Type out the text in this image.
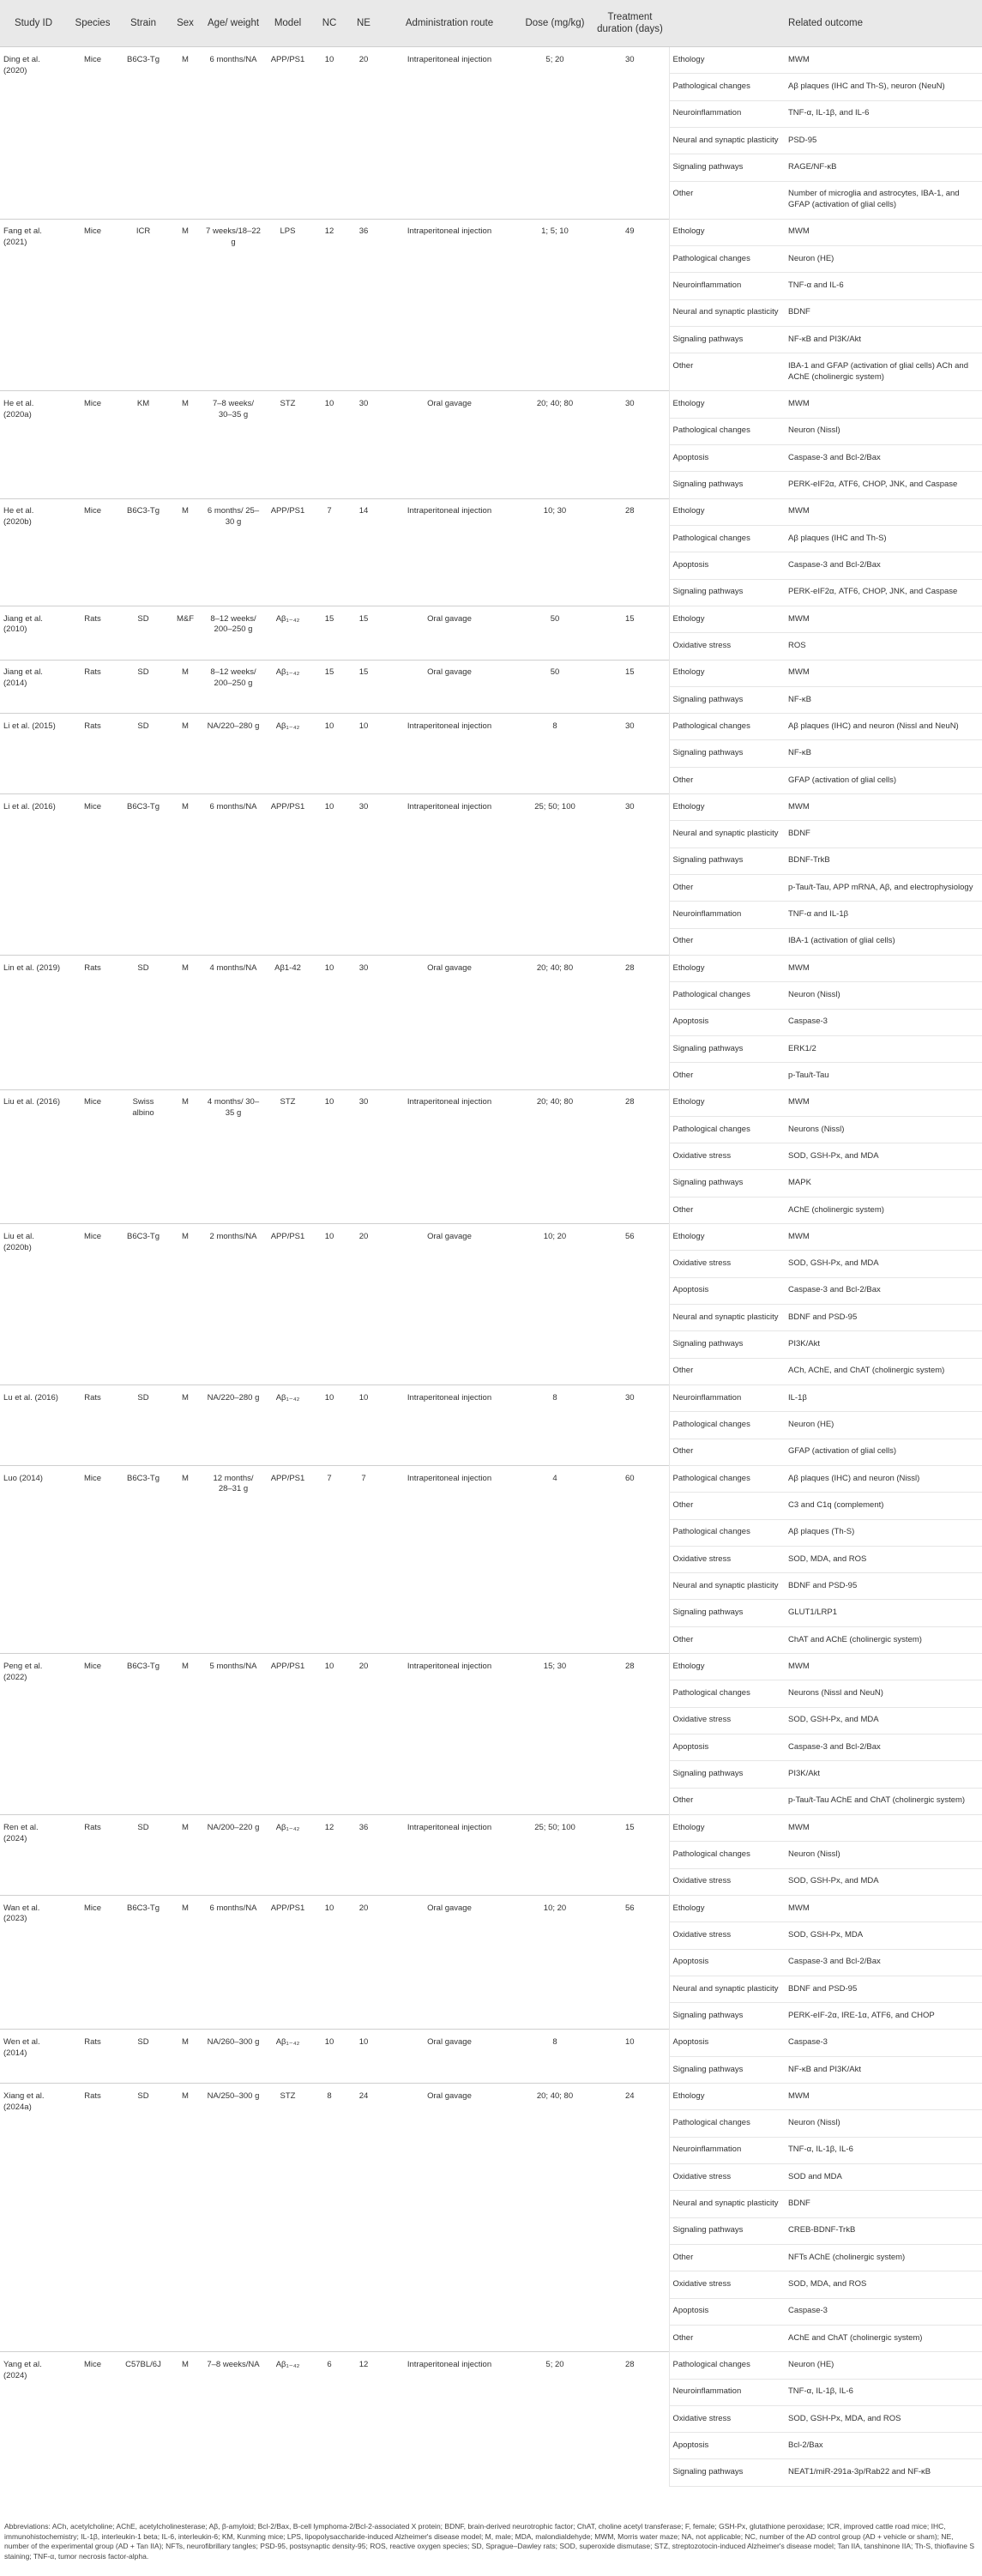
Study ID	Species	Strain	Sex	Age/ weight	Model	NC	NE	Administration route	Dose (mg/kg)	Treatment duration (days)	Related outcome	
Ding et al. (2020)	Mice	B6C3-Tg	M	6 months/NA	APP/PS1	10	20	Intraperitoneal injection	5; 20	30	Ethology	MWM
											Pathological changes	Aβ plaques (IHC and Th-S), neuron (NeuN)
											Neuroinflammation	TNF-α, IL-1β, and IL-6
											Neural and synaptic plasticity	PSD-95
											Signaling pathways	RAGE/NF-κB
											Other	Number of microglia and astrocytes, IBA-1, and GFAP (activation of glial cells)
Fang et al. (2021)	Mice	ICR	M	7 weeks/18–22 g	LPS	12	36	Intraperitoneal injection	1; 5; 10	49	Ethology	MWM
											Pathological changes	Neuron (HE)
											Neuroinflammation	TNF-α and IL-6
											Neural and synaptic plasticity	BDNF
											Signaling pathways	NF-κB and PI3K/Akt
											Other	IBA-1 and GFAP (activation of glial cells) ACh and AChE (cholinergic system)
He et al. (2020a)	Mice	KM	M	7–8 weeks/ 30–35 g	STZ	10	30	Oral gavage	20; 40; 80	30	Ethology	MWM
											Pathological changes	Neuron (Nissl)
											Apoptosis	Caspase-3 and Bcl-2/Bax
											Signaling pathways	PERK-eIF2α, ATF6, CHOP, JNK, and Caspase
He et al. (2020b)	Mice	B6C3-Tg	M	6 months/ 25–30 g	APP/PS1	7	14	Intraperitoneal injection	10; 30	28	Ethology	MWM
											Pathological changes	Aβ plaques (IHC and Th-S)
											Apoptosis	Caspase-3 and Bcl-2/Bax
											Signaling pathways	PERK-eIF2α, ATF6, CHOP, JNK, and Caspase
Jiang et al. (2010)	Rats	SD	M&F	8–12 weeks/ 200–250 g	Aβ₁₋₄₂	15	15	Oral gavage	50	15	Ethology	MWM
											Oxidative stress	ROS
Jiang et al. (2014)	Rats	SD	M	8–12 weeks/ 200–250 g	Aβ₁₋₄₂	15	15	Oral gavage	50	15	Ethology	MWM
											Signaling pathways	NF-κB
Li et al. (2015)	Rats	SD	M	NA/220–280 g	Aβ₁₋₄₂	10	10	Intraperitoneal injection	8	30	Pathological changes	Aβ plaques (IHC) and neuron (Nissl and NeuN)
											Signaling pathways	NF-κB
											Other	GFAP (activation of glial cells)
Li et al. (2016)	Mice	B6C3-Tg	M	6 months/NA	APP/PS1	10	30	Intraperitoneal injection	25; 50; 100	30	Ethology	MWM
											Neural and synaptic plasticity	BDNF
											Signaling pathways	BDNF-TrkB
											Other	p-Tau/t-Tau, APP mRNA, Aβ, and electrophysiology
											Neuroinflammation	TNF-α and IL-1β
											Other	IBA-1 (activation of glial cells)
Lin et al. (2019)	Rats	SD	M	4 months/NA	Aβ1-42	10	30	Oral gavage	20; 40; 80	28	Ethology	MWM
											Pathological changes	Neuron (Nissl)
											Apoptosis	Caspase-3
											Signaling pathways	ERK1/2
											Other	p-Tau/t-Tau
Liu et al. (2016)	Mice	Swiss albino	M	4 months/ 30–35 g	STZ	10	30	Intraperitoneal injection	20; 40; 80	28	Ethology	MWM
											Pathological changes	Neurons (Nissl)
											Oxidative stress	SOD, GSH-Px, and MDA
											Signaling pathways	MAPK
											Other	AChE (cholinergic system)
Liu et al. (2020b)	Mice	B6C3-Tg	M	2 months/NA	APP/PS1	10	20	Oral gavage	10; 20	56	Ethology	MWM
											Oxidative stress	SOD, GSH-Px, and MDA
											Apoptosis	Caspase-3 and Bcl-2/Bax
											Neural and synaptic plasticity	BDNF and PSD-95
											Signaling pathways	PI3K/Akt
											Other	ACh, AChE, and ChAT (cholinergic system)
Lu et al. (2016)	Rats	SD	M	NA/220–280 g	Aβ₁₋₄₂	10	10	Intraperitoneal injection	8	30	Neuroinflammation	IL-1β
											Pathological changes	Neuron (HE)
											Other	GFAP (activation of glial cells)
Luo (2014)	Mice	B6C3-Tg	M	12 months/ 28–31 g	APP/PS1	7	7	Intraperitoneal injection	4	60	Pathological changes	Aβ plaques (IHC) and neuron (Nissl)
											Other	C3 and C1q (complement)
											Pathological changes	Aβ plaques (Th-S)
											Oxidative stress	SOD, MDA, and ROS
											Neural and synaptic plasticity	BDNF and PSD-95
											Signaling pathways	GLUT1/LRP1
											Other	ChAT and AChE (cholinergic system)
Peng et al. (2022)	Mice	B6C3-Tg	M	5 months/NA	APP/PS1	10	20	Intraperitoneal injection	15; 30	28	Ethology	MWM
											Pathological changes	Neurons (Nissl and NeuN)
											Oxidative stress	SOD, GSH-Px, and MDA
											Apoptosis	Caspase-3 and Bcl-2/Bax
											Signaling pathways	PI3K/Akt
											Other	p-Tau/t-Tau AChE and ChAT (cholinergic system)
Ren et al. (2024)	Rats	SD	M	NA/200–220 g	Aβ₁₋₄₂	12	36	Intraperitoneal injection	25; 50; 100	15	Ethology	MWM
											Pathological changes	Neuron (Nissl)
											Oxidative stress	SOD, GSH-Px, and MDA
Wan et al. (2023)	Mice	B6C3-Tg	M	6 months/NA	APP/PS1	10	20	Oral gavage	10; 20	56	Ethology	MWM
											Oxidative stress	SOD, GSH-Px, MDA
											Apoptosis	Caspase-3 and Bcl-2/Bax
											Neural and synaptic plasticity	BDNF and PSD-95
											Signaling pathways	PERK-eIF-2α, IRE-1α, ATF6, and CHOP
Wen et al. (2014)	Rats	SD	M	NA/260–300 g	Aβ₁₋₄₂	10	10	Oral gavage	8	10	Apoptosis	Caspase-3
											Signaling pathways	NF-κB and PI3K/Akt
Xiang et al. (2024a)	Rats	SD	M	NA/250–300 g	STZ	8	24	Oral gavage	20; 40; 80	24	Ethology	MWM
											Pathological changes	Neuron (Nissl)
											Neuroinflammation	TNF-α, IL-1β, IL-6
											Oxidative stress	SOD and MDA
											Neural and synaptic plasticity	BDNF
											Signaling pathways	CREB-BDNF-TrkB
											Other	NFTs AChE (cholinergic system)
											Oxidative stress	SOD, MDA, and ROS
											Apoptosis	Caspase-3
											Other	AChE and ChAT (cholinergic system)
Yang et al. (2024)	Mice	C57BL/6J	M	7–8 weeks/NA	Aβ₁₋₄₂	6	12	Intraperitoneal injection	5; 20	28	Pathological changes	Neuron (HE)
											Neuroinflammation	TNF-α, IL-1β, IL-6
											Oxidative stress	SOD, GSH-Px, MDA, and ROS
											Apoptosis	Bcl-2/Bax
											Signaling pathways	NEAT1/miR-291a-3p/Rab22 and NF-κB
Abbreviations: ACh, acetylcholine; AChE, acetylcholinesterase; Aβ, β-amyloid; Bcl-2/Bax, B-cell lymphoma-2/Bcl-2-associated X protein; BDNF, brain-derived neurotrophic factor; ChAT, choline acetyl transferase; F, female; GSH-Px, glutathione peroxidase; ICR, improved cattle road mice; IHC, immunohistochemistry; IL-1β, interleukin-1 beta; IL-6, interleukin-6; KM, Kunming mice; LPS, lipopolysaccharide-induced Alzheimer's disease model; M, male; MDA, malondialdehyde; MWM, Morris water maze; NA, not applicable; NC, number of the AD control group (AD + vehicle or sham); NE, number of the experimental group (AD + Tan IIA); NFTs, neurofibrillary tangles; PSD-95, postsynaptic density-95; ROS, reactive oxygen species; SD, Sprague–Dawley rats; SOD, superoxide dismutase; STZ, streptozotocin-induced Alzheimer's disease model; Tan IIA, tanshinone IIA; Th-S, thioflavine S staining; TNF-α, tumor necrosis factor-alpha.
